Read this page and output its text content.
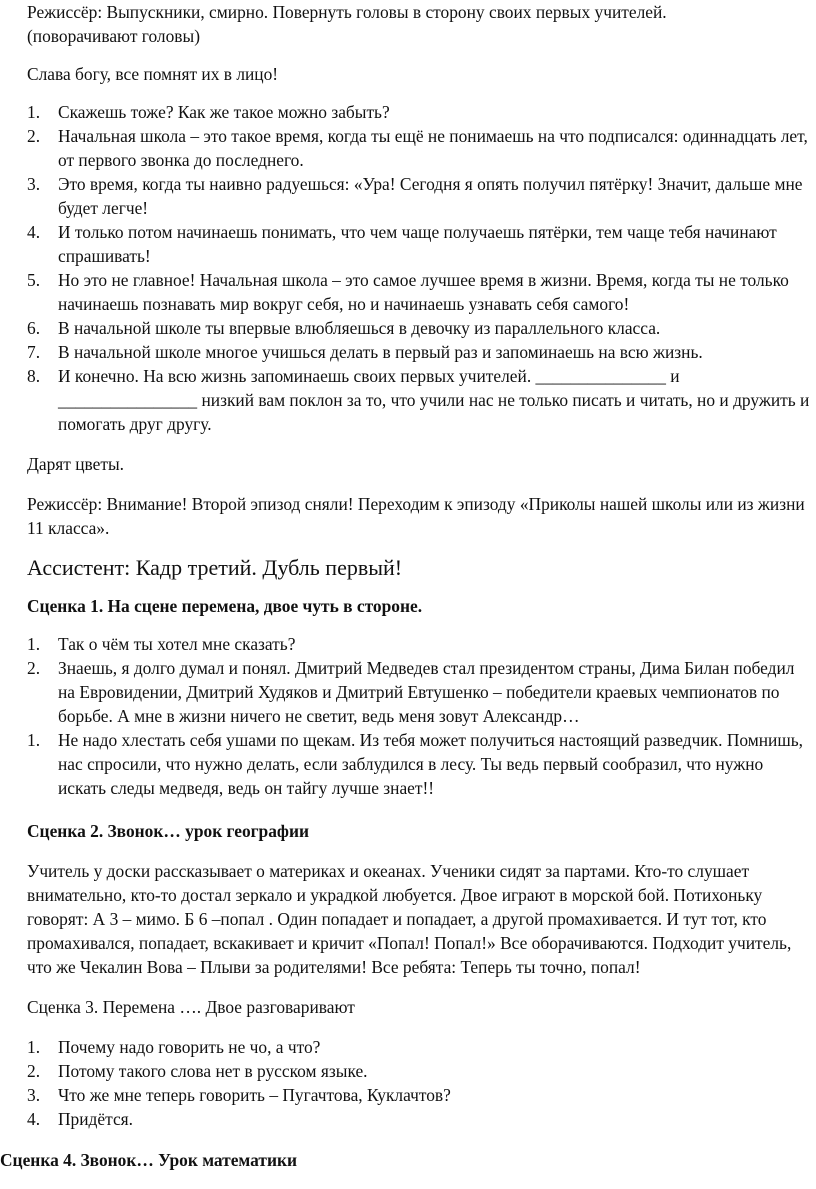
Режиссёр: Выпускники, смирно. Повернуть головы в сторону своих первых учителей.

(поворачивают головы)

Слава богу, все помнят их в лицо!

1. Скажешь тоже? Как же такое можно забыть?
2. Начальная школа – это такое время, когда ты ещё не понимаешь на что подписался: одиннадцать лет, от первого звонка до последнего.
3. Это время, когда ты наивно радуешься: «Ура! Сегодня я опять получил пятёрку! Значит, дальше мне будет легче!
4. И только потом начинаешь понимать, что чем чаще получаешь пятёрки, тем чаще тебя начинают спрашивать!
5. Но это не главное! Начальная школа – это самое лучшее время в жизни. Время, когда ты не только начинаешь познавать мир вокруг себя, но и начинаешь узнавать себя самого!
6. В начальной школе ты впервые влюбляешься в девочку из параллельного класса.
7. В начальной школе многое учишься делать в первый раз и запоминаешь на всю жизнь.
8. И конечно. На всю жизнь запоминаешь своих первых учителей. _______________ и ________________ низкий вам поклон за то, что учили нас не только писать и читать, но и дружить и помогать друг другу.

Дарят цветы.

Режиссёр: Внимание! Второй эпизод сняли! Переходим к эпизоду «Приколы нашей школы или из жизни 11 класса».

Ассистент: Кадр третий. Дубль первый!

Сценка 1. На сцене перемена, двое чуть в стороне.

1. Так о чём ты хотел мне сказать?
2. Знаешь, я долго думал и понял. Дмитрий Медведев стал президентом страны, Дима Билан победил на Евровидении, Дмитрий Худяков и Дмитрий Евтушенко – победители краевых чемпионатов по борьбе. А мне в жизни ничего не светит, ведь меня зовут Александр…
1. Не надо хлестать себя ушами по щекам. Из тебя может получиться настоящий разведчик. Помнишь, нас спросили, что нужно делать, если заблудился в лесу. Ты ведь первый сообразил, что нужно искать следы медведя, ведь он тайгу лучше знает!!

Сценка 2. Звонок… урок географии

Учитель у доски рассказывает о материках и океанах. Ученики сидят за партами. Кто-то слушает внимательно, кто-то достал зеркало и украдкой любуется. Двое играют в морской бой. Потихоньку говорят: А 3 – мимо. Б 6 –попал . Один попадает и попадает, а другой промахивается. И тут тот, кто промахивался, попадает, вскакивает и кричит «Попал! Попал!» Все оборачиваются. Подходит учитель, что же Чекалин Вова – Плыви за родителями! Все ребята: Теперь ты точно, попал!

Сценка 3. Перемена …. Двое разговаривают

1. Почему надо говорить не чо, а что?
2. Потому такого слова нет в русском языке.
3. Что же мне теперь говорить – Пугачтова, Куклачтов?
4. Придётся.

Сценка 4. Звонок… Урок математики
